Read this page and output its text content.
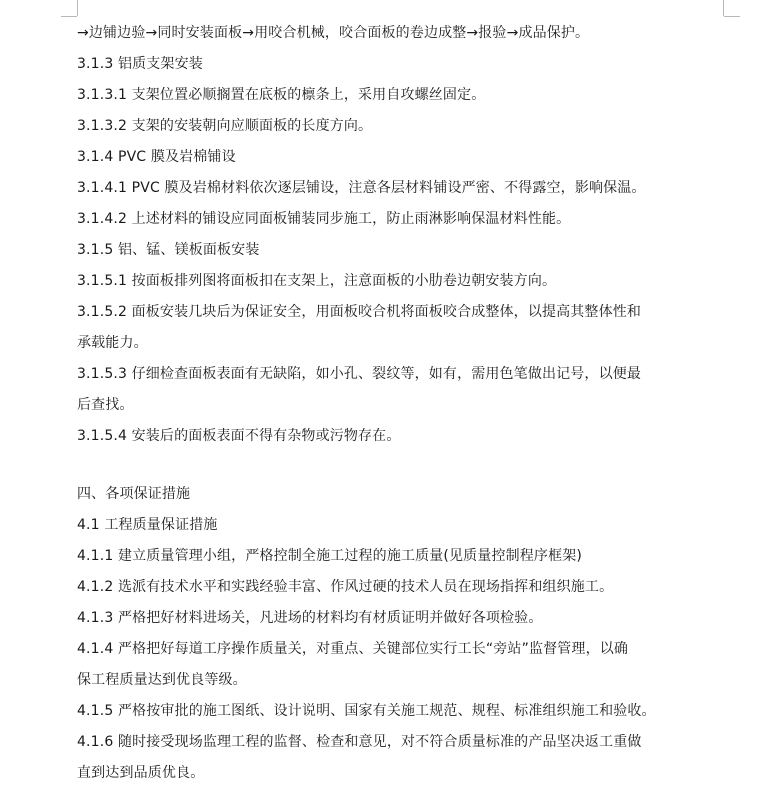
→边铺边验→同时安装面板→用咬合机械，咬合面板的卷边成整→报验→成品保护。
3.1.3 铝质支架安装
3.1.3.1 支架位置必顺搁置在底板的檩条上，采用自攻螺丝固定。
3.1.3.2 支架的安装朝向应顺面板的长度方向。
3.1.4 PVC 膜及岩棉铺设
3.1.4.1 PVC 膜及岩棉材料依次逐层铺设，注意各层材料铺设严密、不得露空，影响保温。
3.1.4.2 上述材料的铺设应同面板铺装同步施工，防止雨淋影响保温材料性能。
3.1.5 铝、锰、镁板面板安装
3.1.5.1 按面板排列图将面板扣在支架上，注意面板的小肋卷边朝安装方向。
3.1.5.2 面板安装几块后为保证安全，用面板咬合机将面板咬合成整体，以提高其整体性和
承载能力。
3.1.5.3 仔细检查面板表面有无缺陷，如小孔、裂纹等，如有，需用色笔做出记号，以便最
后查找。
3.1.5.4 安装后的面板表面不得有杂物或污物存在。
四、各项保证措施
4.1 工程质量保证措施
4.1.1 建立质量管理小组，严格控制全施工过程的施工质量(见质量控制程序框架)
4.1.2 选派有技术水平和实践经验丰富、作风过硬的技术人员在现场指挥和组织施工。
4.1.3 严格把好材料进场关，凡进场的材料均有材质证明并做好各项检验。
4.1.4 严格把好每道工序操作质量关，对重点、关键部位实行工长“旁站”监督管理，以确
保工程质量达到优良等级。
4.1.5 严格按审批的施工图纸、设计说明、国家有关施工规范、规程、标准组织施工和验收。
4.1.6 随时接受现场监理工程的监督、检查和意见，对不符合质量标准的产品坚决返工重做
直到达到品质优良。
